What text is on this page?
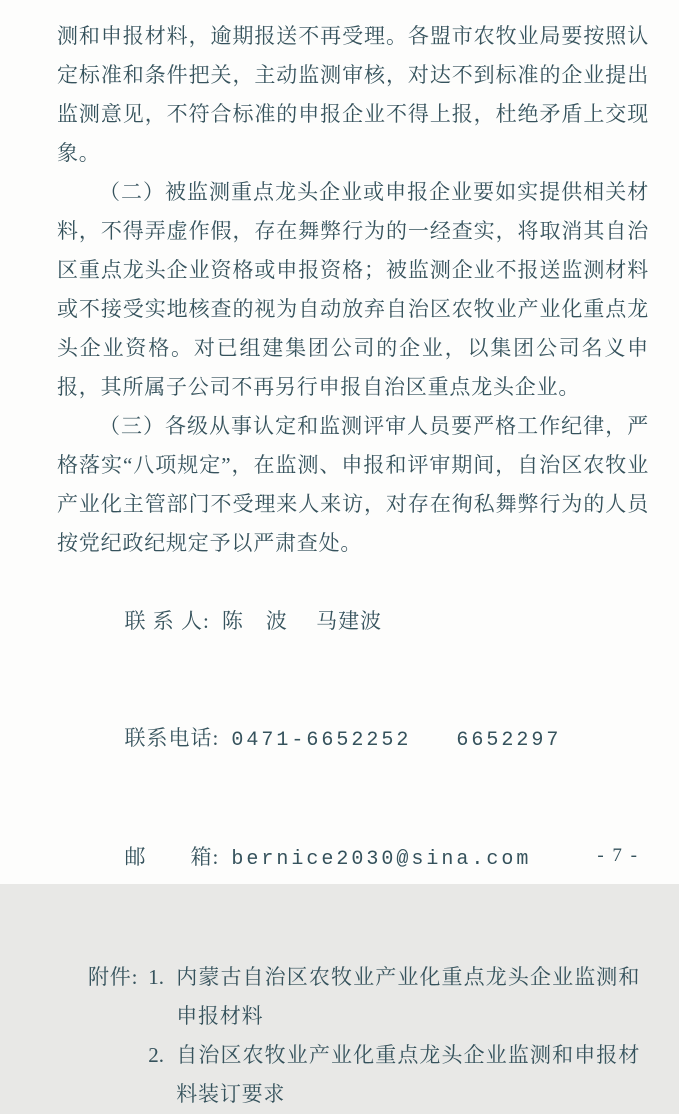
测和申报材料，逾期报送不再受理。各盟市农牧业局要按照认定标准和条件把关，主动监测审核，对达不到标准的企业提出监测意见，不符合标准的申报企业不得上报，杜绝矛盾上交现象。

（二）被监测重点龙头企业或申报企业要如实提供相关材料，不得弄虚作假，存在舞弊行为的一经查实，将取消其自治区重点龙头企业资格或申报资格；被监测企业不报送监测材料或不接受实地核查的视为自动放弃自治区农牧业产业化重点龙头企业资格。对已组建集团公司的企业，以集团公司名义申报，其所属子公司不再另行申报自治区重点龙头企业。

（三）各级从事认定和监测评审人员要严格工作纪律，严格落实“八项规定”，在监测、申报和评审期间，自治区农牧业产业化主管部门不受理来人来访，对存在徇私舞弊行为的人员按党纪政纪规定予以严肃查处。

联 系 人: 陈　波　 马建波

联系电话: 0471-6652252   6652297

邮　　箱: bernice2030@sina.com

附件: 1. 内蒙古自治区农牧业产业化重点龙头企业监测和申报材料
2. 自治区农牧业产业化重点龙头企业监测和申报材料装订要求
- 7 -
